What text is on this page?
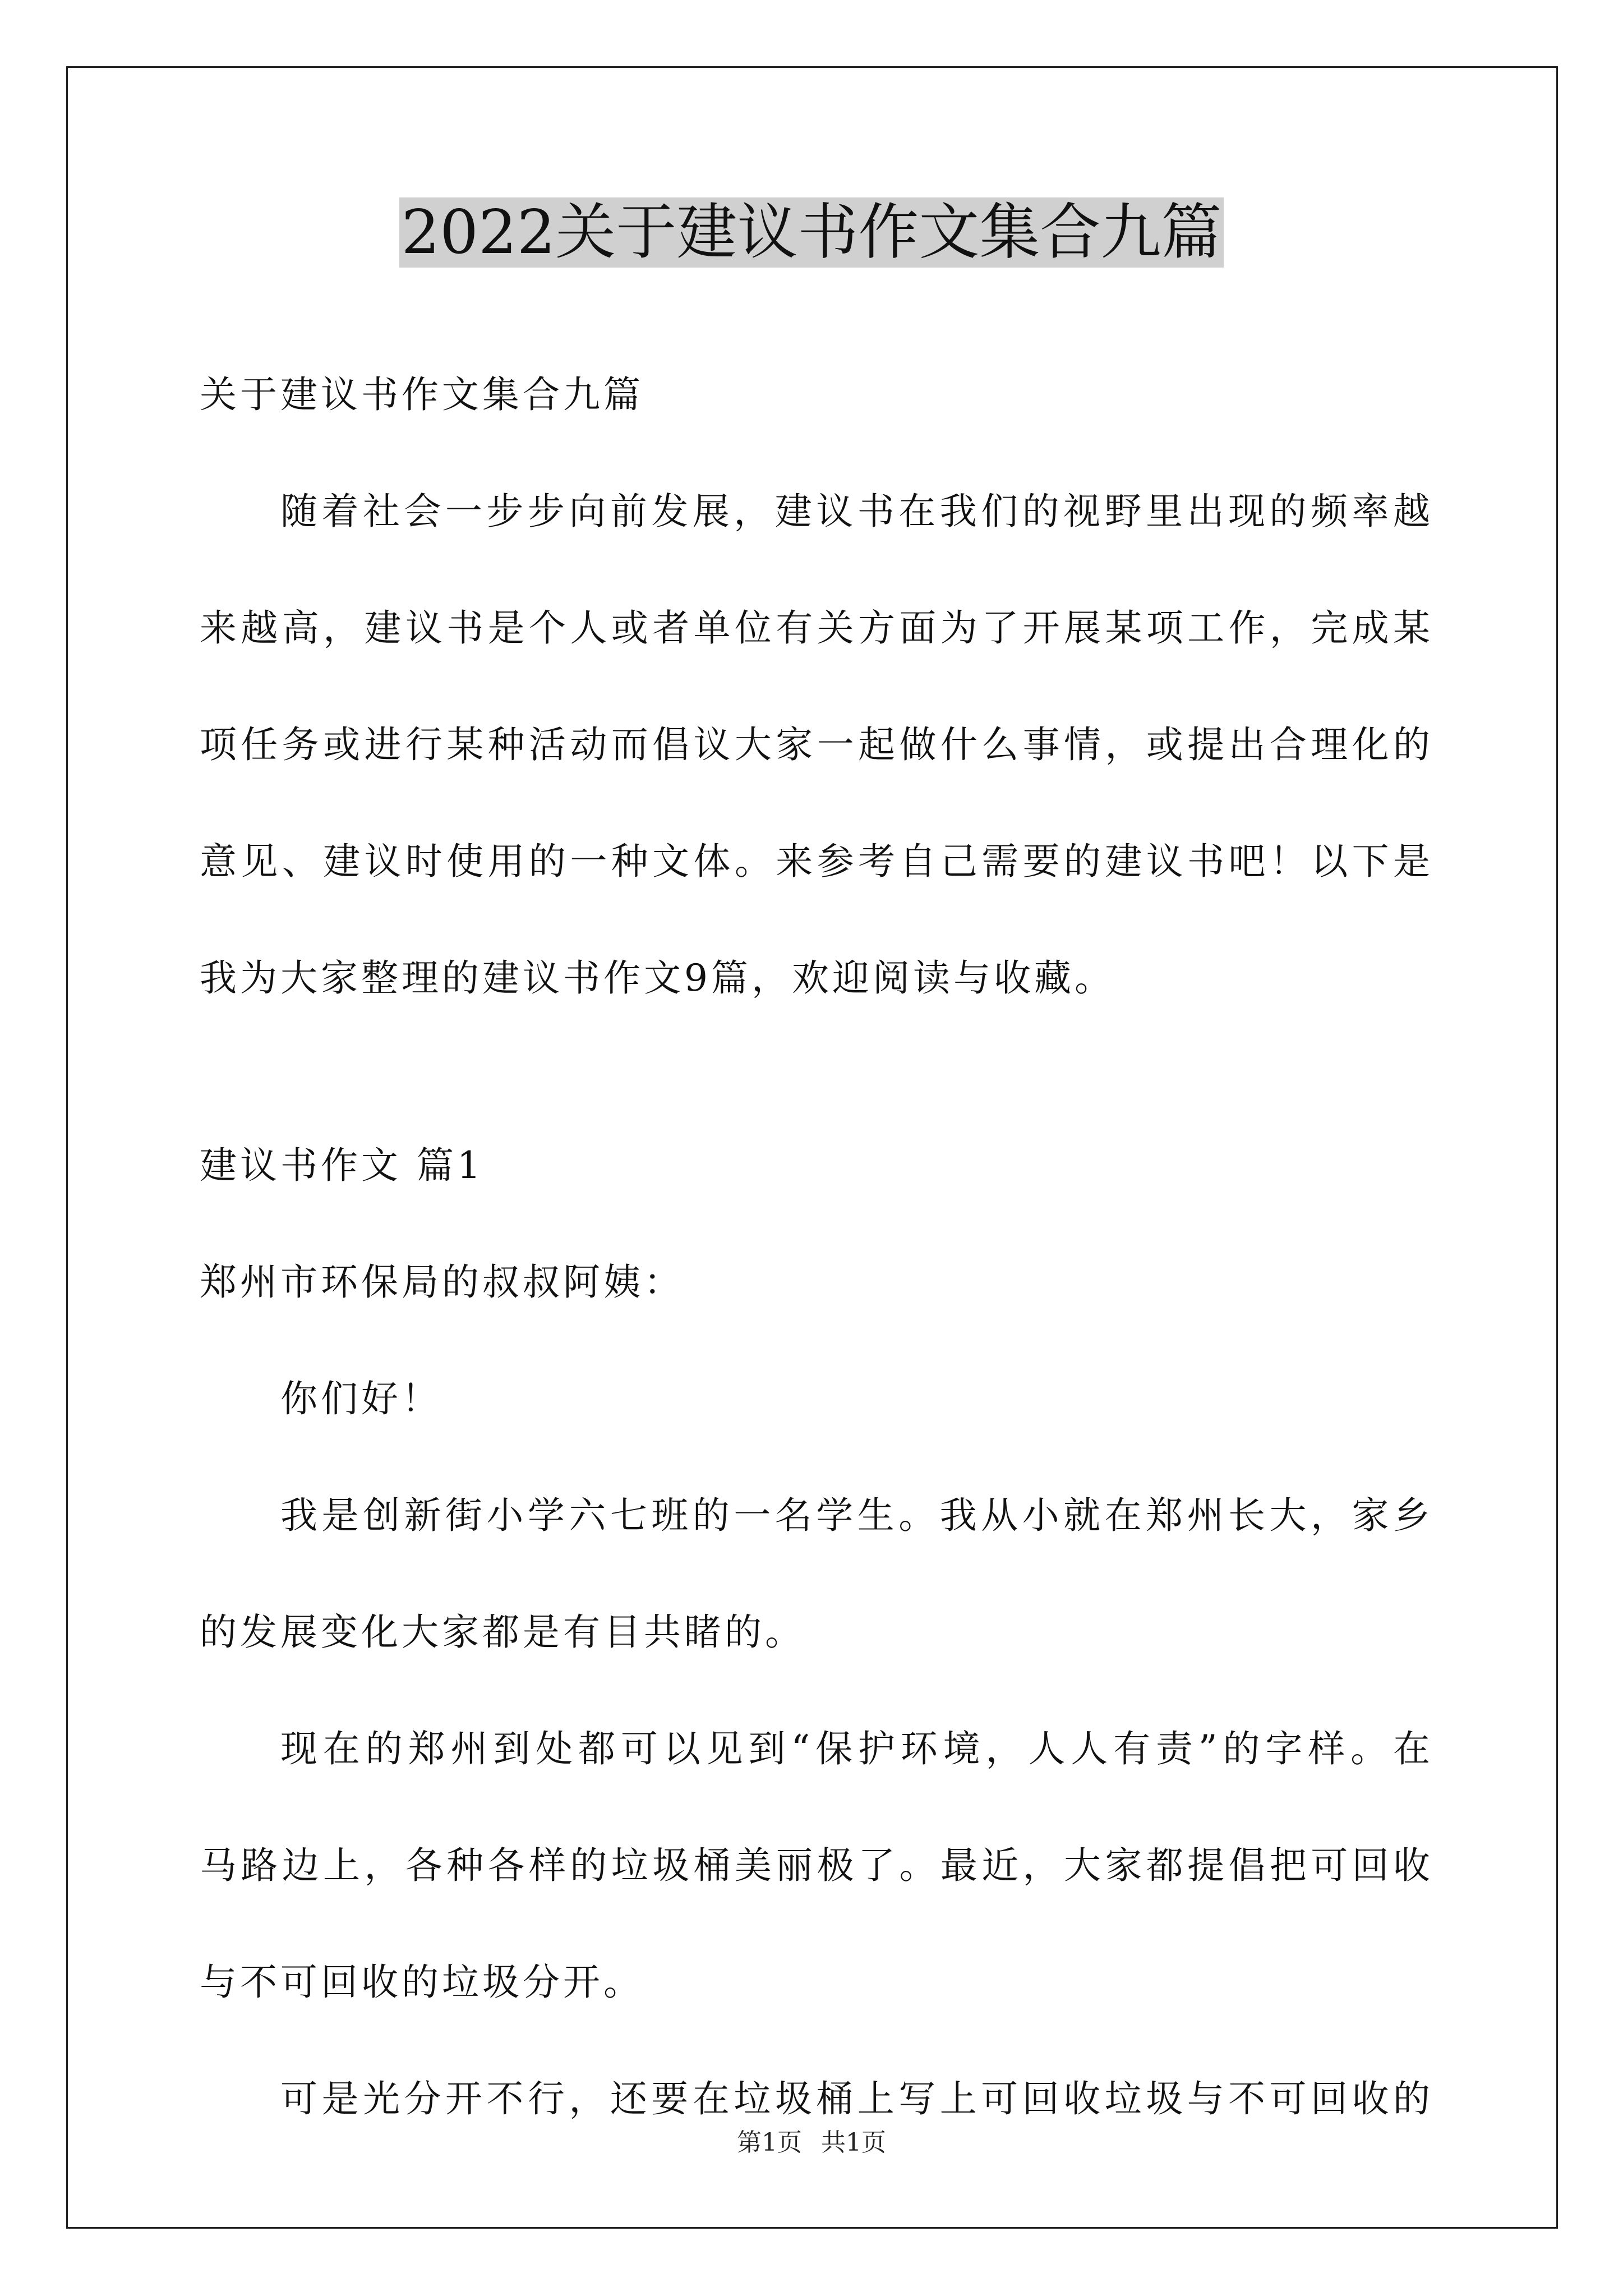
2022关于建议书作文集合九篇

关于建议书作文集合九篇

随着社会一步步向前发展，建议书在我们的视野里出现的频率越

来越高，建议书是个人或者单位有关方面为了开展某项工作，完成某

项任务或进行某种活动而倡议大家一起做什么事情，或提出合理化的

意见、建议时使用的一种文体。来参考自己需要的建议书吧！以下是

我为大家整理的建议书作文9篇，欢迎阅读与收藏。

建议书作文 篇1

郑州市环保局的叔叔阿姨：

你们好！

我是创新街小学六七班的一名学生。我从小就在郑州长大，家乡

的发展变化大家都是有目共睹的。

现在的郑州到处都可以见到“保护环境，人人有责”的字样。在

马路边上，各种各样的垃圾桶美丽极了。最近，大家都提倡把可回收

与不可回收的垃圾分开。

可是光分开不行，还要在垃圾桶上写上可回收垃圾与不可回收的

第1页 共1页
